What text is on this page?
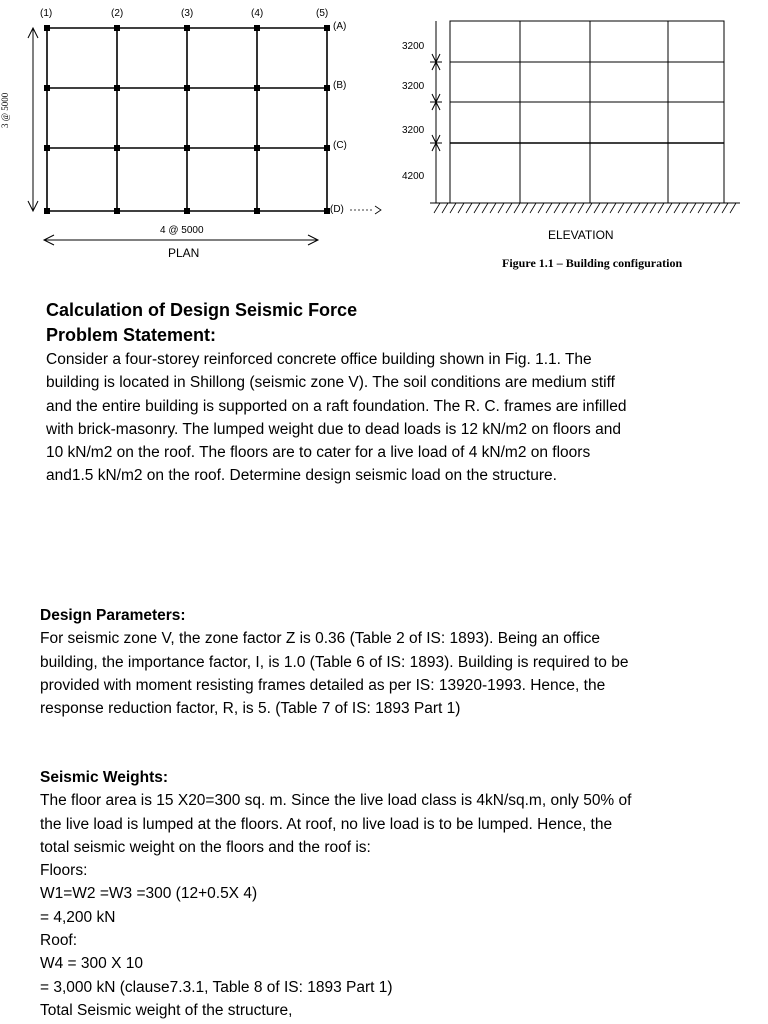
(1)	(2)	(3)	(4)	(5)
(A)
(B)
(C)
(D)
4 @ 5000
3 @ 5000
PLAN
3200
3200
3200
4200
ELEVATION
Figure 1.1 – Building configuration
Calculation of Design Seismic Force
Problem Statement:
Consider a four-storey reinforced concrete office building shown in Fig. 1.1. The
building is located in Shillong (seismic zone V). The soil conditions are medium stiff
and the entire building is supported on a raft foundation. The R. C. frames are infilled
with brick-masonry. The lumped weight due to dead loads is 12 kN/m2 on floors and
10 kN/m2 on the roof. The floors are to cater for a live load of 4 kN/m2 on floors
and1.5 kN/m2 on the roof. Determine design seismic load on the structure.
Design Parameters:
For seismic zone V, the zone factor Z is 0.36 (Table 2 of IS: 1893). Being an office
building, the importance factor, I, is 1.0 (Table 6 of IS: 1893). Building is required to be
provided with moment resisting frames detailed as per IS: 13920-1993. Hence, the
response reduction factor, R, is 5. (Table 7 of IS: 1893 Part 1)
Seismic Weights:
The floor area is 15 X20=300 sq. m. Since the live load class is 4kN/sq.m, only 50% of
the live load is lumped at the floors. At roof, no live load is to be lumped. Hence, the
total seismic weight on the floors and the roof is:
Floors:
W1=W2 =W3 =300 (12+0.5X 4)
= 4,200 kN
Roof:
W4 = 300 X 10
= 3,000 kN (clause7.3.1, Table 8 of IS: 1893 Part 1)
Total Seismic weight of the structure,
